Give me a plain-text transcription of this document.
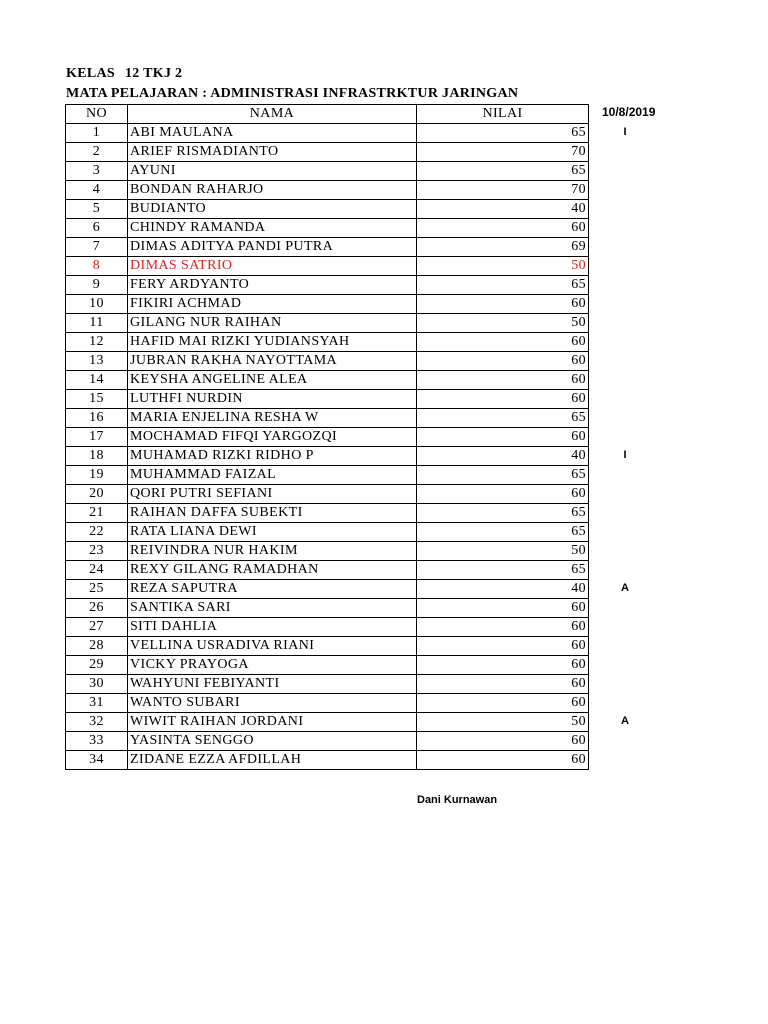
KELAS 12 TKJ 2
MATA PELAJARAN : ADMINISTRASI INFRASTRKTUR JARINGAN
10/8/2019
NO	NAMA	NILAI
1	ABI MAULANA	65
2	ARIEF RISMADIANTO	70
3	AYUNI	65
4	BONDAN RAHARJO	70
5	BUDIANTO	40
6	CHINDY RAMANDA	60
7	DIMAS ADITYA PANDI PUTRA	69
8	DIMAS SATRIO	50
9	FERY ARDYANTO	65
10	FIKIRI ACHMAD	60
11	GILANG NUR RAIHAN	50
12	HAFID MAI RIZKI YUDIANSYAH	60
13	JUBRAN RAKHA NAYOTTAMA	60
14	KEYSHA ANGELINE ALEA	60
15	LUTHFI NURDIN	60
16	MARIA ENJELINA RESHA W	65
17	MOCHAMAD FIFQI YARGOZQI	60
18	MUHAMAD RIZKI RIDHO P	40
19	MUHAMMAD FAIZAL	65
20	QORI PUTRI SEFIANI	60
21	RAIHAN DAFFA SUBEKTI	65
22	RATA LIANA DEWI	65
23	REIVINDRA NUR HAKIM	50
24	REXY GILANG RAMADHAN	65
25	REZA SAPUTRA	40
26	SANTIKA SARI	60
27	SITI DAHLIA	60
28	VELLINA USRADIVA RIANI	60
29	VICKY PRAYOGA	60
30	WAHYUNI FEBIYANTI	60
31	WANTO SUBARI	60
32	WIWIT RAIHAN JORDANI	50
33	YASINTA SENGGO	60
34	ZIDANE EZZA AFDILLAH	60
I
I
A
A
Dani Kurnawan
